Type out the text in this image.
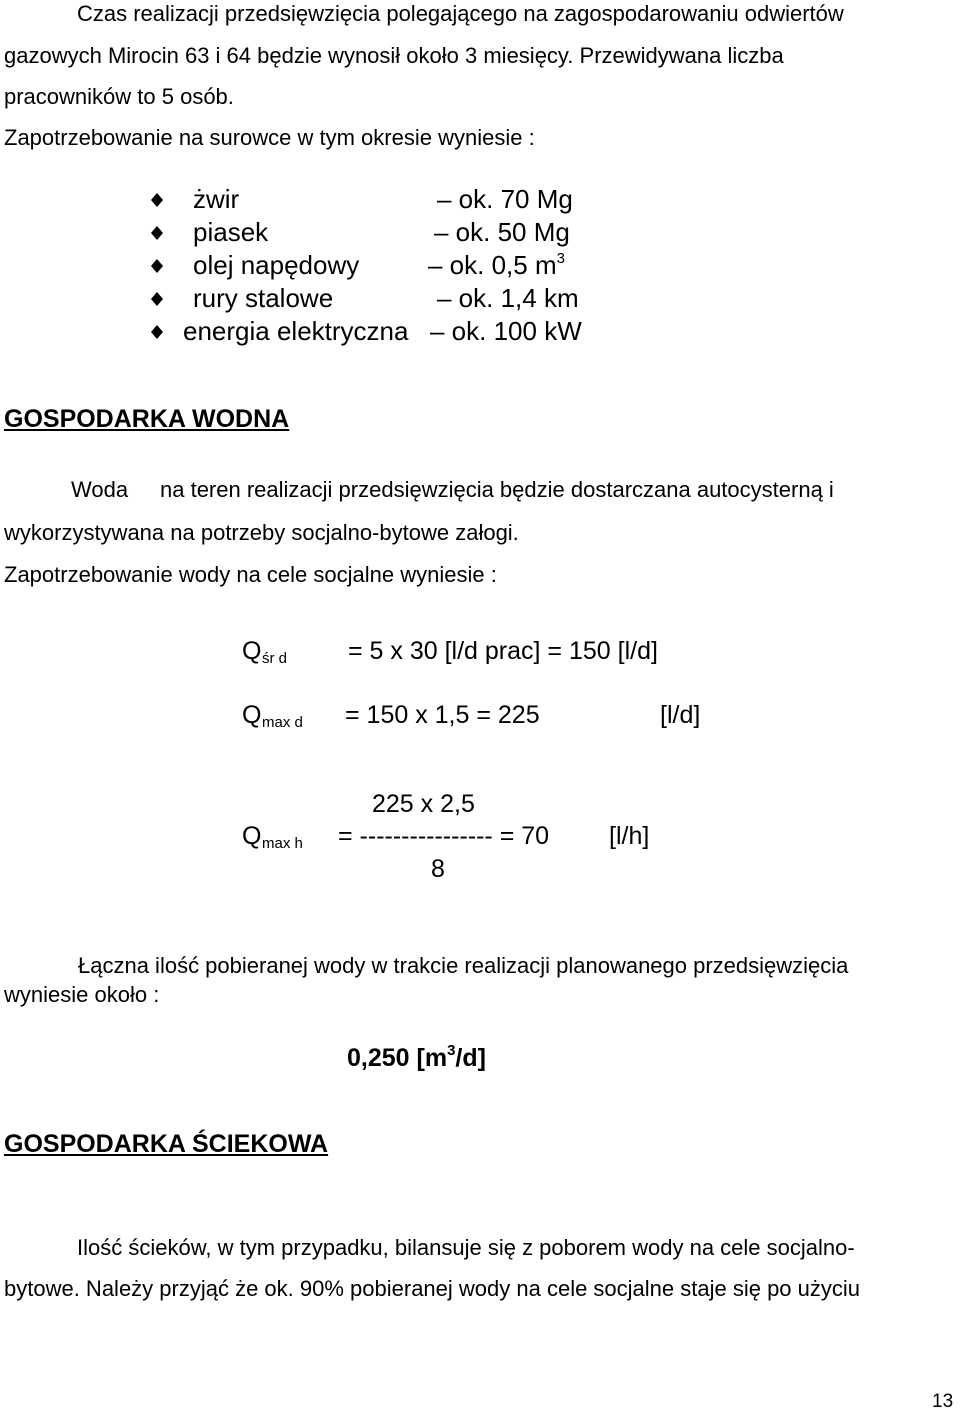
Czas realizacji przedsięwzięcia polegającego na zagospodarowaniu odwiertów
gazowych Mirocin 63 i 64 będzie wynosił około 3 miesięcy. Przewidywana liczba
pracowników to 5 osób.
Zapotrzebowanie na surowce w tym okresie wyniesie :
żwir	– ok. 70 Mg
piasek	– ok. 50 Mg
olej napędowy	– ok. 0,5 $m^3$
rury stalowe	– ok. 1,4 km
energia elektryczna – ok. 100 kW
GOSPODARKA WODNA
Woda na teren realizacji przedsięwzięcia będzie dostarczana autocysterną i
wykorzystywana na potrzeby socjalno-bytowe załogi.
Zapotrzebowanie wody na cele socjalne wyniesie :
Q śr d = 5 x 30 [l/d prac] = 150 [l/d]
Q max d = 150 x 1,5 = 225	[l/d]
225 x 2,5
Q max h = ---------------- = 70 [l/h]
8
Łączna ilość pobieranej wody w trakcie realizacji planowanego przedsięwzięcia
wyniesie około :
0,250 $[m^3/d]$
GOSPODARKA ŚCIEKOWA
Ilość ścieków, w tym przypadku, bilansuje się z poborem wody na cele socjalno-
bytowe. Należy przyjąć że ok. 90% pobieranej wody na cele socjalne staje się po użyciu
13
